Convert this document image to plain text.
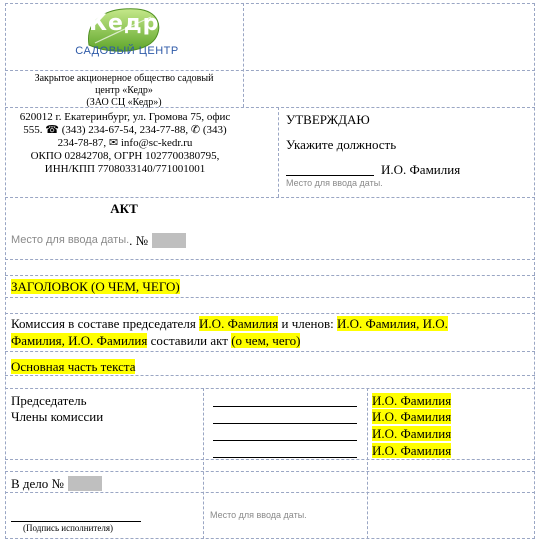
Кедр
САДОВЫЙ ЦЕНТР
Закрытое акционерное общество садовый
центр «Кедр»
(ЗАО СЦ «Кедр»)
620012 г. Екатеринбург, ул. Громова 75, офис
555. ☎ (343) 234-67-54, 234-77-88, ✆ (343)
234-78-87, ✉ info@sc-kedr.ru
ОКПО 02842708, ОГРН 1027700380795,
ИНН/КПП 7708033140/771001001
УТВЕРЖДАЮ
Укажите должность
И.О. Фамилия
Место для ввода даты.
АКТ
Место для ввода даты. . №
ЗАГОЛОВОК (О ЧЕМ, ЧЕГО)
Комиссия в составе председателя И.О. Фамилия и членов: И.О. Фамилия, И.О.
Фамилия, И.О. Фамилия составили акт (о чем, чего)
Основная часть текста
Председатель
Члены комиссии
И.О. Фамилия
И.О. Фамилия
И.О. Фамилия
И.О. Фамилия
В дело №
Место для ввода даты.
(Подпись исполнителя)
